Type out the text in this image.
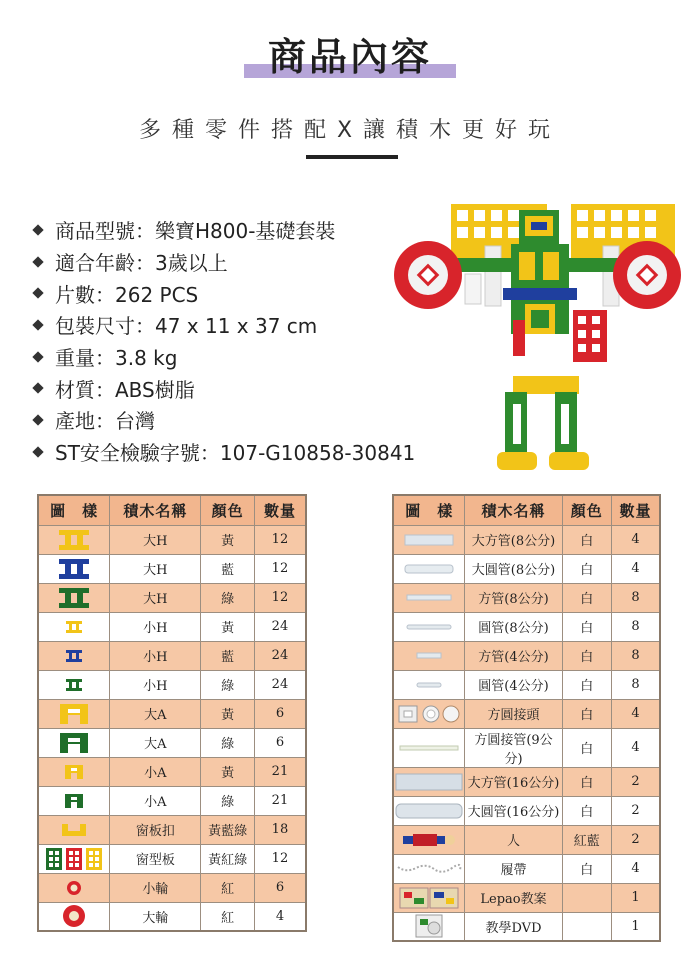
商品內容
多種零件搭配X讓積木更好玩
商品型號：樂寶H800-基礎套裝
適合年齡：3歲以上
片數：262 PCS
包裝尺寸：47 x 11 x 37 cm
重量：3.8 kg
材質：ABS樹脂
產地：台灣
ST安全檢驗字號：107-G10858-30841
圖　樣	積木名稱	顏色	數量
	大H	黃	12
	大H	藍	12
	大H	綠	12
	小H	黃	24
	小H	藍	24
	小H	綠	24
	大A	黃	6
	大A	綠	6
	小A	黃	21
	小A	綠	21
	窗板扣	黃藍綠	18
	窗型板	黃紅綠	12
	小輪	紅	6
	大輪	紅	4
圖　樣	積木名稱	顏色	數量
	大方管(8公分)	白	4
	大圓管(8公分)	白	4
	方管(8公分)	白	8
	圓管(8公分)	白	8
	方管(4公分)	白	8
	圓管(4公分)	白	8
	方圓接頭	白	4
	方圓接管(9公分)	白	4
	大方管(16公分)	白	2
	大圓管(16公分)	白	2
	人	紅藍	2
	履帶	白	4
	Lepao教案		1
	教學DVD		1
